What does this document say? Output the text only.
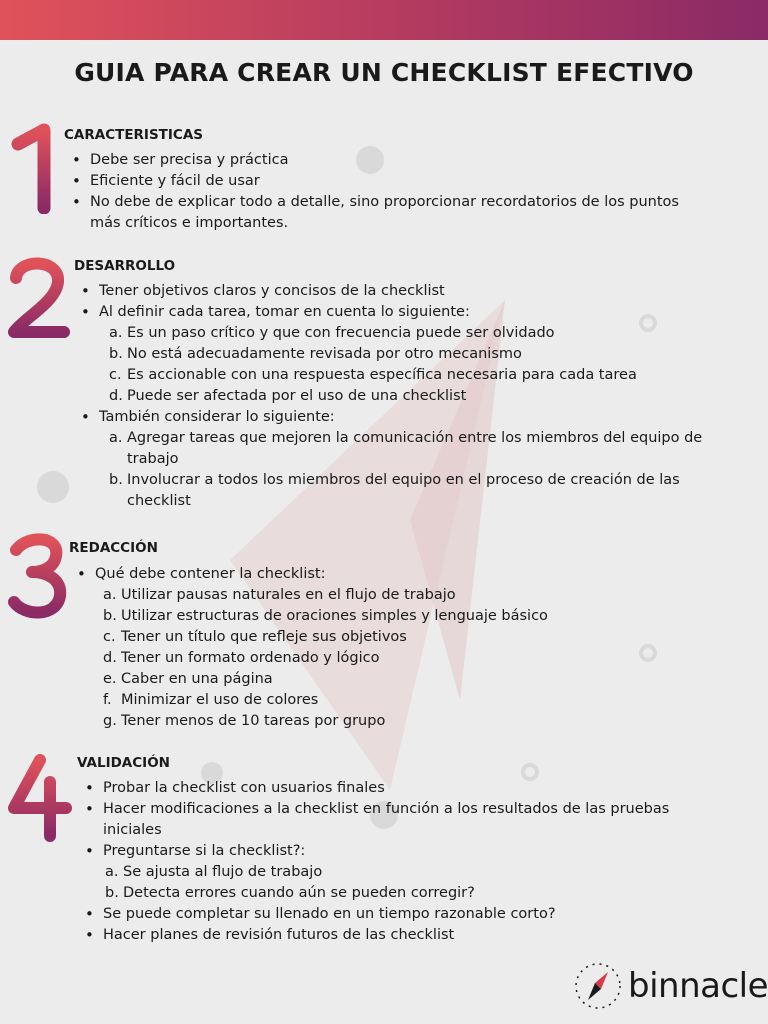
GUIA PARA CREAR UN CHECKLIST EFECTIVO
CARACTERISTICAS
• Debe ser precisa y práctica
• Eficiente y fácil de usar
• No debe de explicar todo a detalle, sino proporcionar recordatorios de los puntos más críticos e importantes.
DESARROLLO
• Tener objetivos claros y concisos de la checklist
• Al definir cada tarea, tomar en cuenta lo siguiente:
a. Es un paso crítico y que con frecuencia puede ser olvidado
b. No está adecuadamente revisada por otro mecanismo
c. Es accionable con una respuesta específica necesaria para cada tarea
d. Puede ser afectada por el uso de una checklist
• También considerar lo siguiente:
a. Agregar tareas que mejoren la comunicación entre los miembros del equipo de trabajo
b. Involucrar a todos los miembros del equipo en el proceso de creación de las checklist
REDACCIÓN
• Qué debe contener la checklist:
a. Utilizar pausas naturales en el flujo de trabajo
b. Utilizar estructuras de oraciones simples y lenguaje básico
c. Tener un título que refleje sus objetivos
d. Tener un formato ordenado y lógico
e. Caber en una página
f. Minimizar el uso de colores
g. Tener menos de 10 tareas por grupo
VALIDACIÓN
• Probar la checklist con usuarios finales
• Hacer modificaciones a la checklist en función a los resultados de las pruebas iniciales
• Preguntarse si la checklist?:
a. Se ajusta al flujo de trabajo
b. Detecta errores cuando aún se pueden corregir?
• Se puede completar su llenado en un tiempo razonable corto?
• Hacer planes de revisión futuros de las checklist
binnacle
